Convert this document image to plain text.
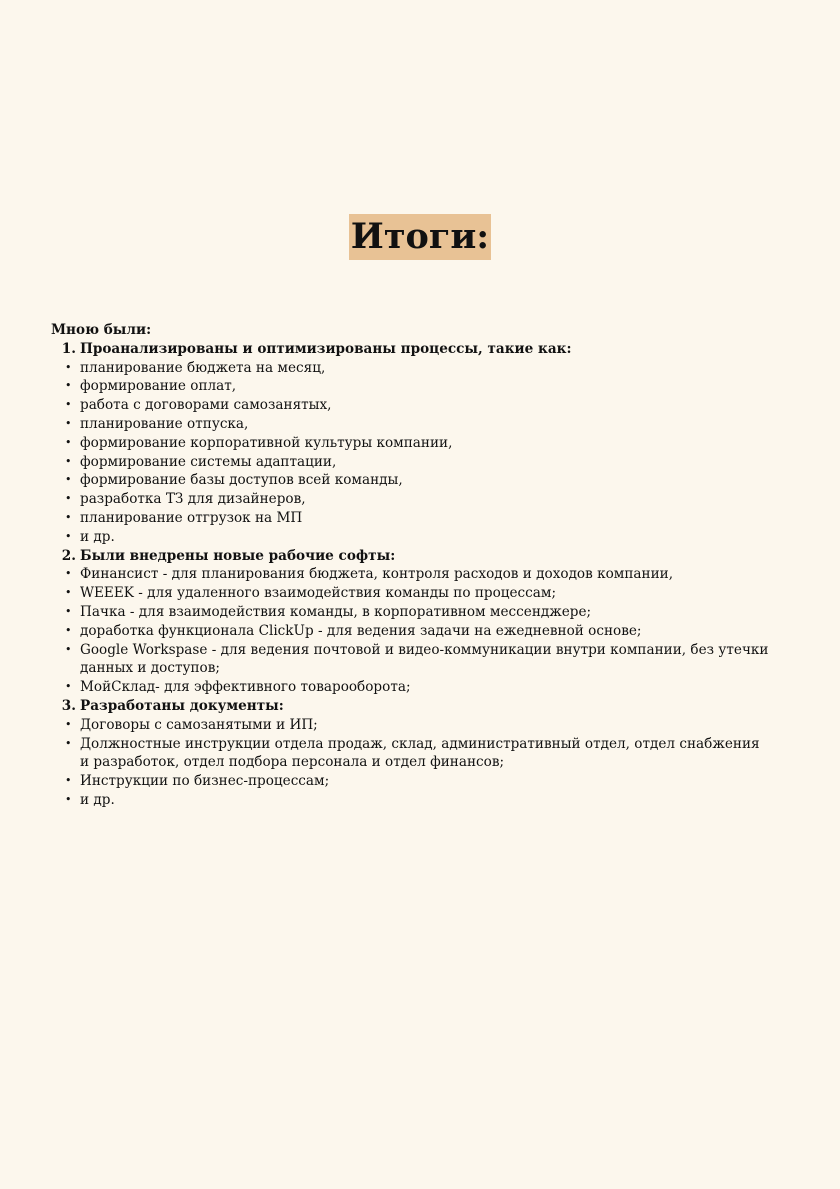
Итоги:
Мною были:
1. Проанализированы и оптимизированы процессы, такие как:
• планирование бюджета на месяц,
• формирование оплат,
• работа с договорами самозанятых,
• планирование отпуска,
• формирование корпоративной культуры компании,
• формирование системы адаптации,
• формирование базы доступов всей команды,
• разработка ТЗ для дизайнеров,
• планирование отгрузок на МП
• и др.
2. Были внедрены новые рабочие софты:
• Финансист - для планирования бюджета, контроля расходов и доходов компании,
• WEEEK - для удаленного взаимодействия команды по процессам;
• Пачка - для взаимодействия команды, в корпоративном мессенджере;
• доработка функционала ClickUp - для ведения задачи на ежедневной основе;
• Google Workspase - для ведения почтовой и видео-коммуникации внутри компании, без утечки данных и доступов;
• МойСклад- для эффективного товарооборота;
3. Разработаны документы:
• Договоры с самозанятыми и ИП;
• Должностные инструкции отдела продаж, склад, административный отдел, отдел снабжения и разработок, отдел подбора персонала и отдел финансов;
• Инструкции по бизнес-процессам;
• и др.
